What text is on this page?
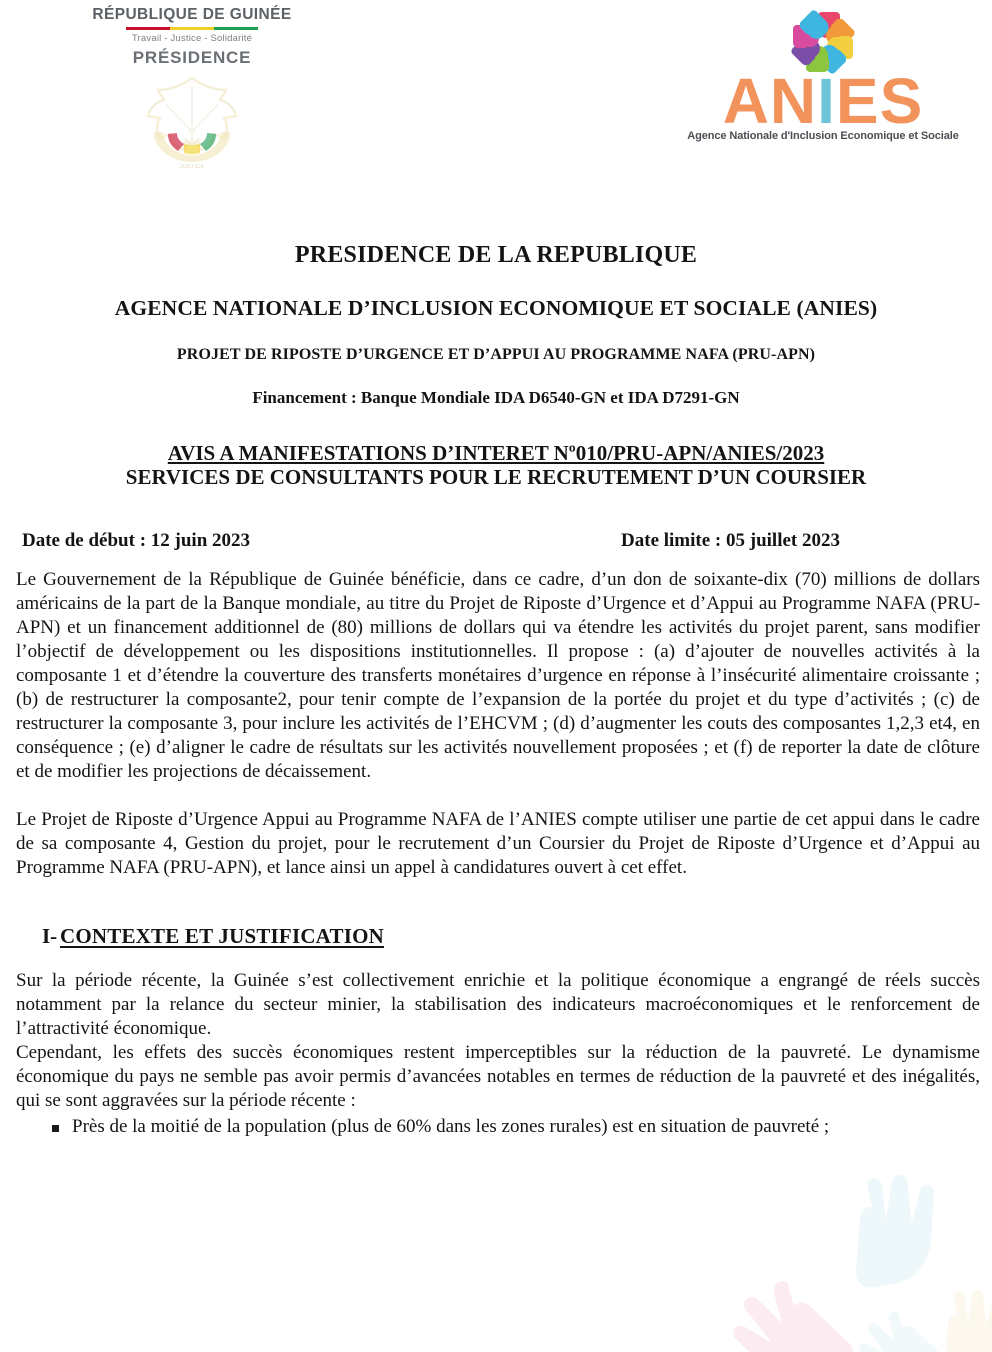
RÉPUBLIQUE DE GUINÉE
Travail - Justice - Solidarité
PRÉSIDENCE
JUSTICE
ANIES
Agence Nationale d'Inclusion Economique et Sociale
PRESIDENCE DE LA REPUBLIQUE
AGENCE NATIONALE D’INCLUSION ECONOMIQUE ET SOCIALE (ANIES)
PROJET DE RIPOSTE D’URGENCE ET D’APPUI AU PROGRAMME NAFA (PRU-APN)
Financement : Banque Mondiale IDA D6540-GN et IDA D7291-GN
AVIS A MANIFESTATIONS D’INTERET Nº010/PRU-APN/ANIES/2023
SERVICES DE CONSULTANTS POUR LE RECRUTEMENT D’UN COURSIER
Date de début : 12 juin 2023	Date limite : 05 juillet 2023

Le Gouvernement de la République de Guinée bénéficie, dans ce cadre, d’un don de soixante-dix (70) millions de dollars américains de la part de la Banque mondiale, au titre du Projet de Riposte d’Urgence et d’Appui au Programme NAFA (PRU-APN) et un financement additionnel de (80) millions de dollars qui va étendre les activités du projet parent, sans modifier l’objectif de développement ou les dispositions institutionnelles. Il propose : (a) d’ajouter de nouvelles activités à la composante 1 et d’étendre la couverture des transferts monétaires d’urgence en réponse à l’insécurité alimentaire croissante ; (b) de restructurer la composante2, pour tenir compte de l’expansion de la portée du projet et du type d’activités ; (c) de restructurer la composante 3, pour inclure les activités de l’EHCVM ; (d) d’augmenter les couts des composantes 1,2,3 et4, en conséquence ; (e) d’aligner le cadre de résultats sur les activités nouvellement proposées ; et (f) de reporter la date de clôture et de modifier les projections de décaissement.

Le Projet de Riposte d’Urgence Appui au Programme NAFA de l’ANIES compte utiliser une partie de cet appui dans le cadre de sa composante 4, Gestion du projet, pour le recrutement d’un Coursier du Projet de Riposte d’Urgence et d’Appui au Programme NAFA (PRU-APN), et lance ainsi un appel à candidatures ouvert à cet effet.

I- CONTEXTE ET JUSTIFICATION

Sur la période récente, la Guinée s’est collectivement enrichie et la politique économique a engrangé de réels succès notamment par la relance du secteur minier, la stabilisation des indicateurs macroéconomiques et le renforcement de l’attractivité économique.

Cependant, les effets des succès économiques restent imperceptibles sur la réduction de la pauvreté. Le dynamisme économique du pays ne semble pas avoir permis d’avancées notables en termes de réduction de la pauvreté et des inégalités, qui se sont aggravées sur la période récente :

Près de la moitié de la population (plus de 60% dans les zones rurales) est en situation de pauvreté ;
